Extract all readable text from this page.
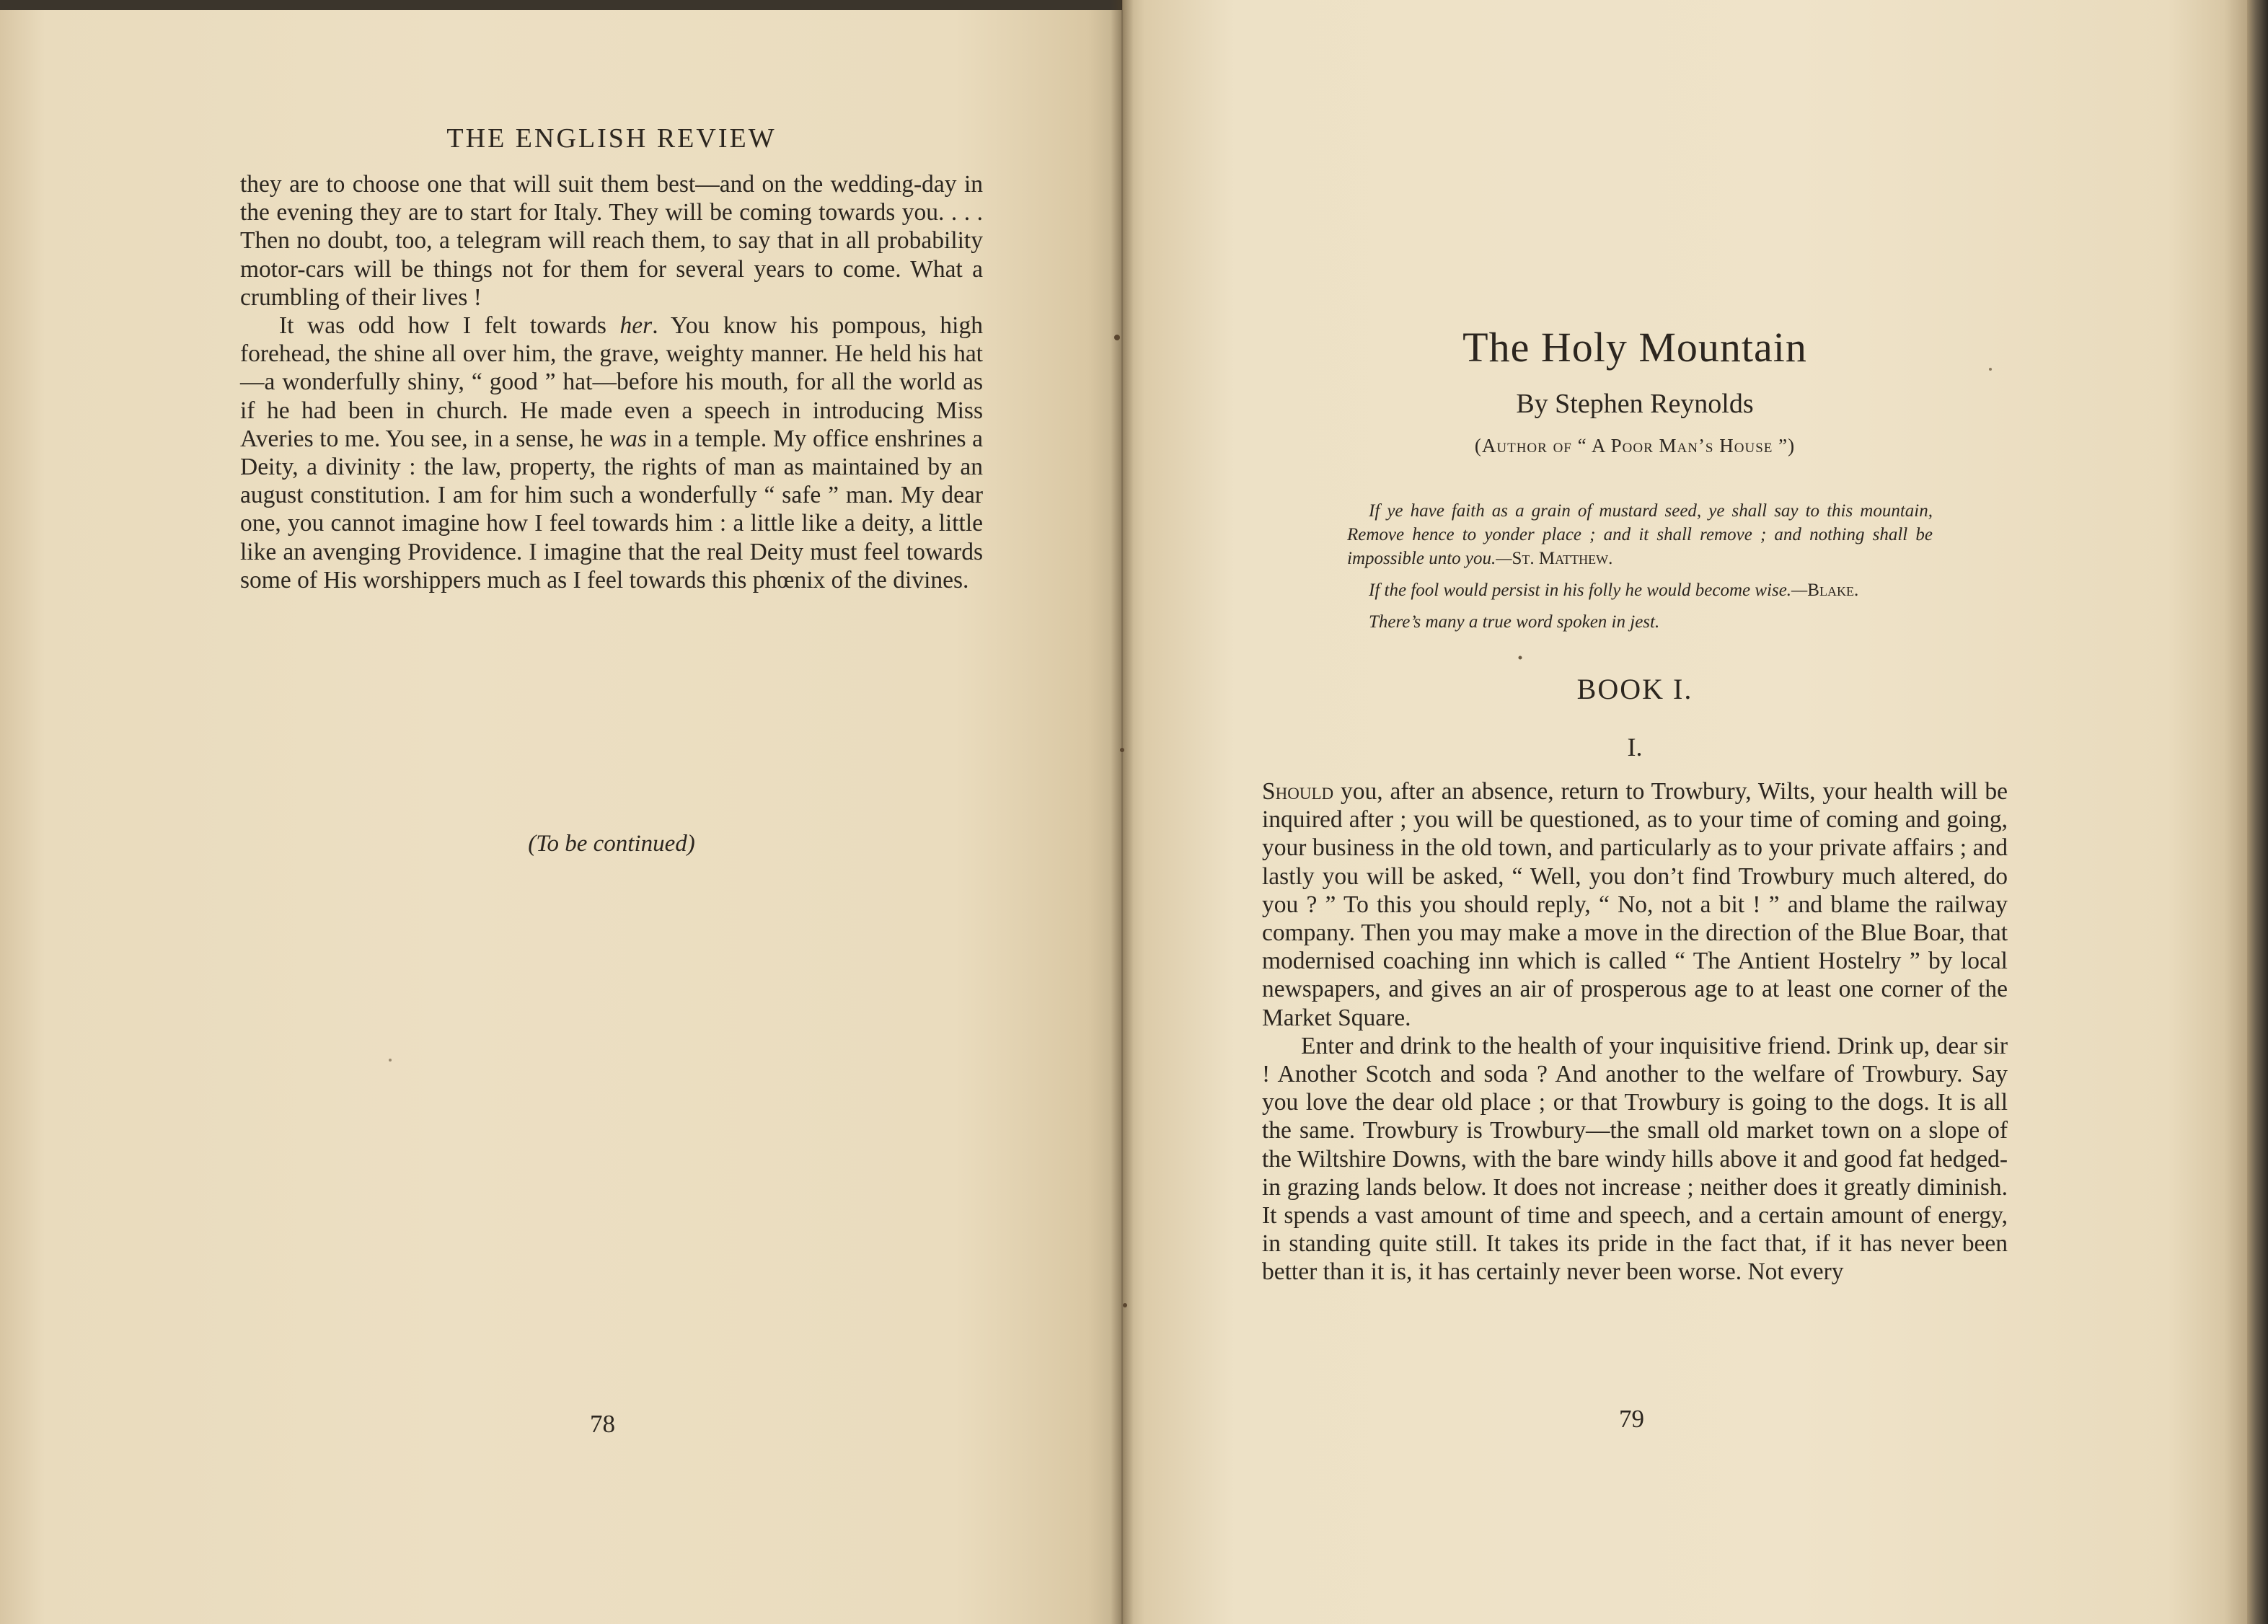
THE ENGLISH REVIEW

they are to choose one that will suit them best—and on the wedding-day in the evening they are to start for Italy. They will be coming towards you. . . . Then no doubt, too, a telegram will reach them, to say that in all probability motor-cars will be things not for them for several years to come. What a crumbling of their lives !

It was odd how I felt towards her. You know his pompous, high forehead, the shine all over him, the grave, weighty manner. He held his hat—a wonderfully shiny, “ good ” hat—before his mouth, for all the world as if he had been in church. He made even a speech in introducing Miss Averies to me. You see, in a sense, he was in a temple. My office enshrines a Deity, a divinity : the law, property, the rights of man as maintained by an august constitution. I am for him such a wonderfully “ safe ” man. My dear one, you cannot imagine how I feel towards him : a little like a deity, a little like an avenging Providence. I imagine that the real Deity must feel towards some of His worshippers much as I feel towards this phœnix of the divines.

(To be continued)
78
The Holy Mountain
By Stephen Reynolds
(Author of “ A Poor Man’s House ”)

If ye have faith as a grain of mustard seed, ye shall say to this mountain, Remove hence to yonder place ; and it shall remove ; and nothing shall be impossible unto you.—St. Matthew.

If the fool would persist in his folly he would become wise.—Blake.

There’s many a true word spoken in jest.

BOOK I.
I.

Should you, after an absence, return to Trowbury, Wilts, your health will be inquired after ; you will be questioned, as to your time of coming and going, your business in the old town, and particularly as to your private affairs ; and lastly you will be asked, “ Well, you don’t find Trowbury much altered, do you ? ” To this you should reply, “ No, not a bit ! ” and blame the railway company. Then you may make a move in the direction of the Blue Boar, that modernised coaching inn which is called “ The Antient Hostelry ” by local newspapers, and gives an air of prosperous age to at least one corner of the Market Square.

Enter and drink to the health of your inquisitive friend. Drink up, dear sir ! Another Scotch and soda ? And another to the welfare of Trowbury. Say you love the dear old place ; or that Trowbury is going to the dogs. It is all the same. Trowbury is Trowbury—the small old market town on a slope of the Wiltshire Downs, with the bare windy hills above it and good fat hedged-in grazing lands below. It does not increase ; neither does it greatly diminish. It spends a vast amount of time and speech, and a certain amount of energy, in standing quite still. It takes its pride in the fact that, if it has never been better than it is, it has certainly never been worse. Not every

79
